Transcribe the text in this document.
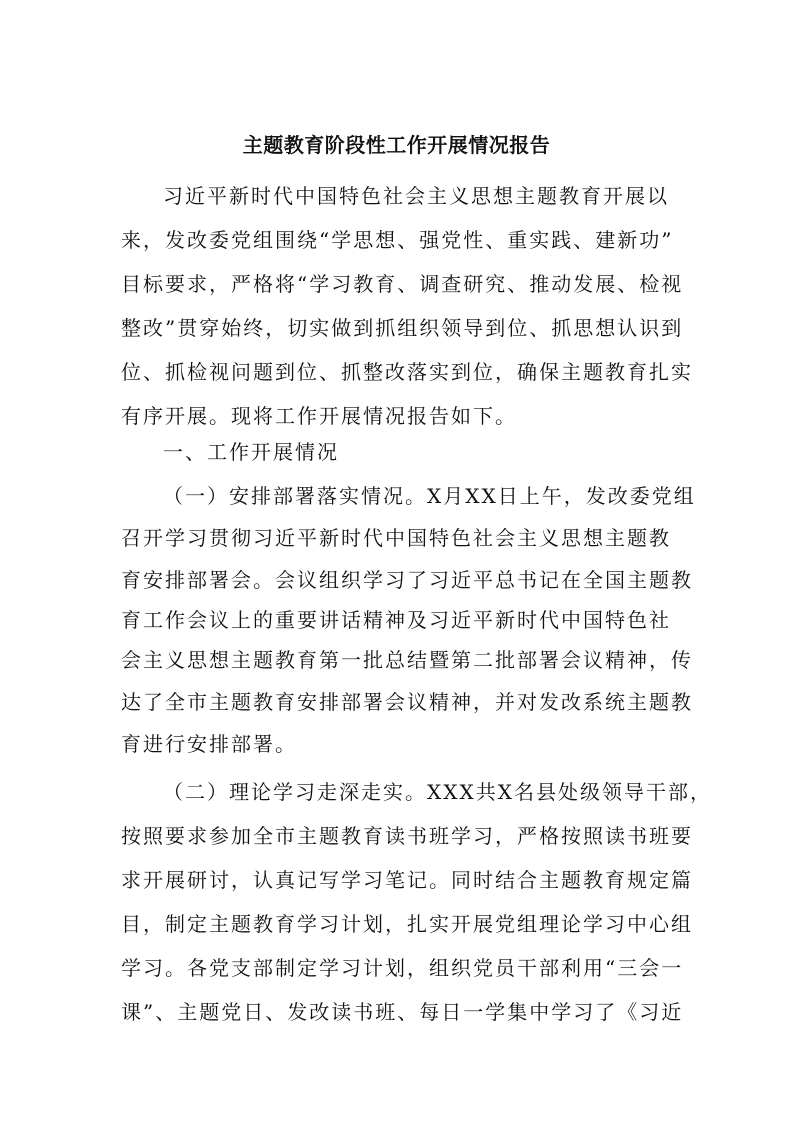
主题教育阶段性工作开展情况报告
习近平新时代中国特色社会主义思想主题教育开展以
来，发改委党组围绕“学思想、强党性、重实践、建新功”
目标要求，严格将“学习教育、调查研究、推动发展、检视
整改”贯穿始终，切实做到抓组织领导到位、抓思想认识到
位、抓检视问题到位、抓整改落实到位，确保主题教育扎实
有序开展。现将工作开展情况报告如下。
一、工作开展情况
（一）安排部署落实情况。X月XX日上午，发改委党组
召开学习贯彻习近平新时代中国特色社会主义思想主题教
育安排部署会。会议组织学习了习近平总书记在全国主题教
育工作会议上的重要讲话精神及习近平新时代中国特色社
会主义思想主题教育第一批总结暨第二批部署会议精神，传
达了全市主题教育安排部署会议精神，并对发改系统主题教
育进行安排部署。
（二）理论学习走深走实。XXX共X名县处级领导干部，
按照要求参加全市主题教育读书班学习，严格按照读书班要
求开展研讨，认真记写学习笔记。同时结合主题教育规定篇
目，制定主题教育学习计划，扎实开展党组理论学习中心组
学习。各党支部制定学习计划，组织党员干部利用“三会一
课”、主题党日、发改读书班、每日一学集中学习了《习近
